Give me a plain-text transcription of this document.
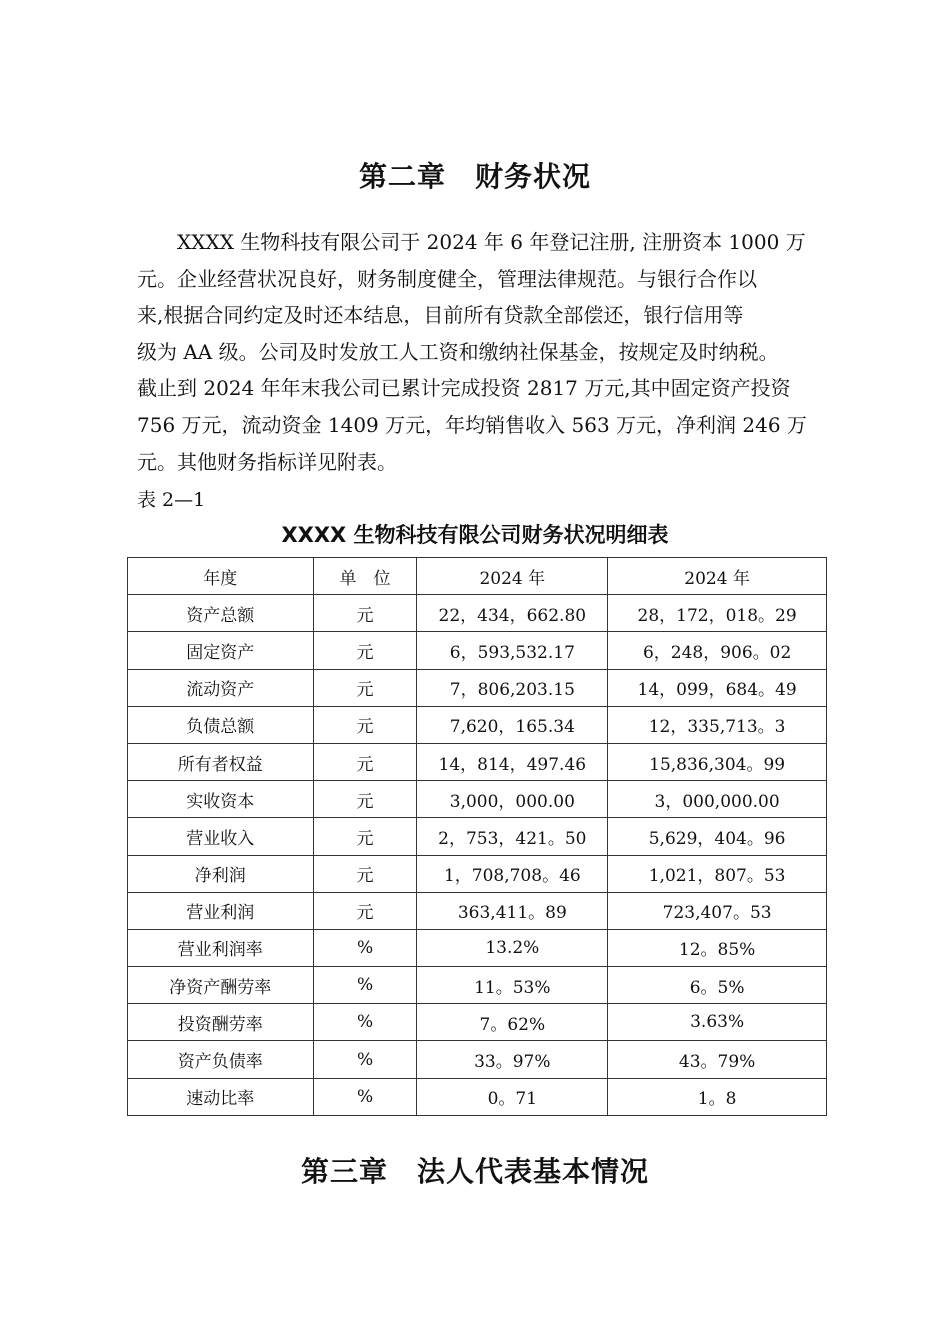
第二章　财务状况
　　XXXX 生物科技有限公司于 2024 年 6 年登记注册, 注册资本 1000 万
元。企业经营状况良好，财务制度健全，管理法律规范。与银行合作以
来,根据合同约定及时还本结息，目前所有贷款全部偿还，银行信用等
级为 AA 级。公司及时发放工人工资和缴纳社保基金，按规定及时纳税。
截止到 2024 年年末我公司已累计完成投资 2817 万元,其中固定资产投资
756 万元，流动资金 1409 万元，年均销售收入 563 万元，净利润 246 万
元。其他财务指标详见附表。
表 2—1
XXXX 生物科技有限公司财务状况明细表
年度	单　位	2024 年	2024 年
资产总额	元	22，434，662.80	28，172，018。29
固定资产	元	6，593,532.17	6，248，906。02
流动资产	元	7，806,203.15	14，099，684。49
负债总额	元	7,620，165.34	12，335,713。3
所有者权益	元	14，814，497.46	15,836,304。99
实收资本	元	3,000，000.00	3，000,000.00
营业收入	元	2，753，421。50	5,629，404。96
净利润	元	1，708,708。46	1,021，807。53
营业利润	元	363,411。89	723,407。53
营业利润率	%	13.2%	12。85%
净资产酬劳率	%	11。53%	6。5%
投资酬劳率	%	7。62%	3.63%
资产负债率	%	33。97%	43。79%
速动比率	%	0。71	1。8
第三章　法人代表基本情况
